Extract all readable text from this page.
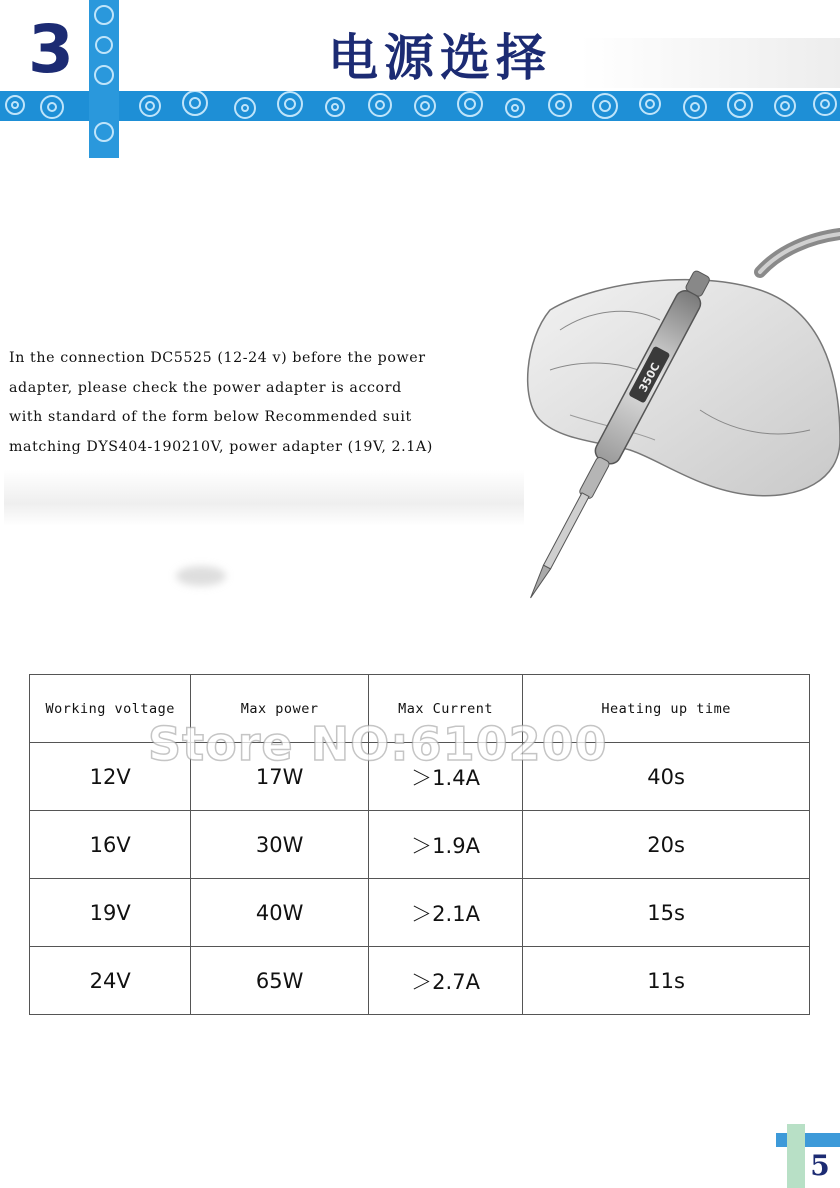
3	电源选择
In the connection DC5525 (12-24 v) before the power
adapter, please check the power adapter is accord
with standard of the form below Recommended suit
matching DYS404-190210V, power adapter (19V, 2.1A)
350C
Working voltage	Max power	Max Current	Heating up time
12V	17W	＞1.4A	40s
16V	30W	＞1.9A	20s
19V	40W	＞2.1A	15s
24V	65W	＞2.7A	11s
Store NO:610200
5
